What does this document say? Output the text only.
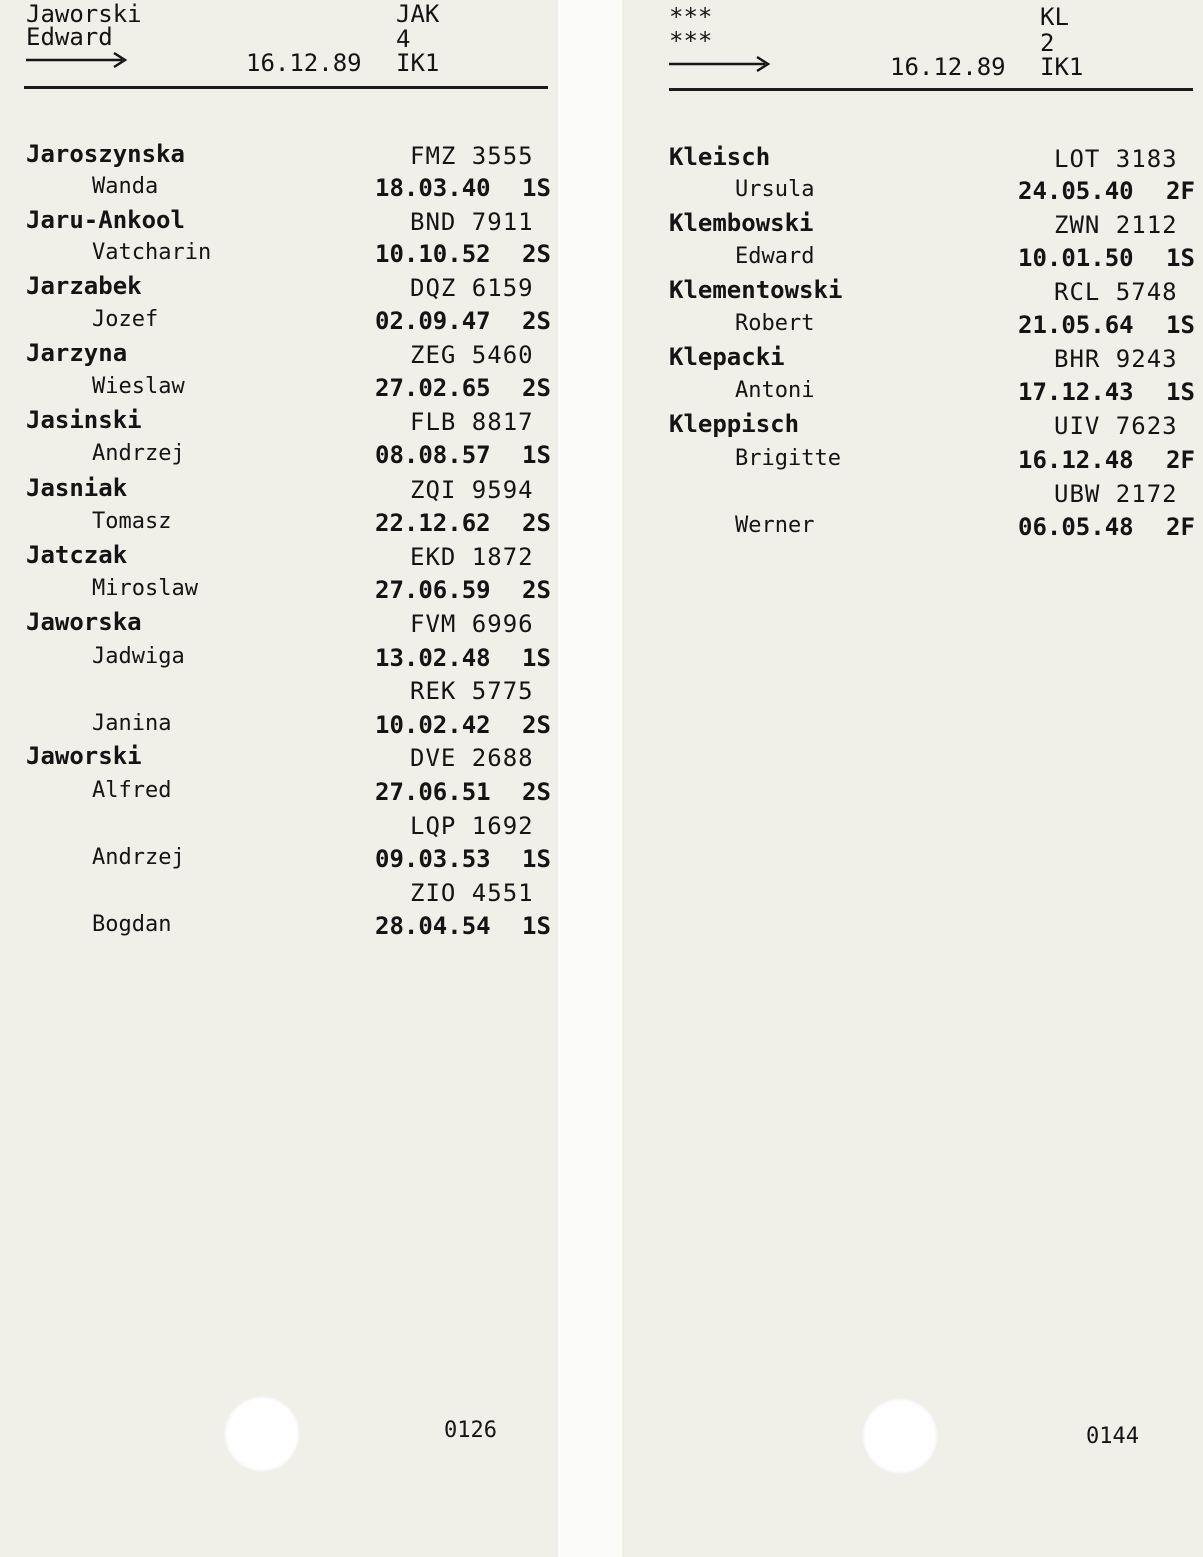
Jaworski
Edward
JAK
4
16.12.89 IK1
Jaroszynska	FMZ 3555
Wanda	18.03.40 1S
Jaru-Ankool	BND 7911
Vatcharin	10.10.52 2S
Jarzabek	DQZ 6159
Jozef	02.09.47 2S
Jarzyna	ZEG 5460
Wieslaw	27.02.65 2S
Jasinski	FLB 8817
Andrzej	08.08.57 1S
Jasniak	ZQI 9594
Tomasz	22.12.62 2S
Jatczak	EKD 1872
Miroslaw	27.06.59 2S
Jaworska	FVM 6996
Jadwiga	13.02.48 1S
REK 5775
Janina	10.02.42 2S
Jaworski	DVE 2688
Alfred	27.06.51 2S
LQP 1692
Andrzej	09.03.53 1S
ZIO 4551
Bogdan	28.04.54 1S
0126
***
***
KL
2
16.12.89 IK1
Kleisch	LOT 3183
Ursula	24.05.40 2F
Klembowski	ZWN 2112
Edward	10.01.50 1S
Klementowski	RCL 5748
Robert	21.05.64 1S
Klepacki	BHR 9243
Antoni	17.12.43 1S
Kleppisch	UIV 7623
Brigitte	16.12.48 2F
UBW 2172
Werner	06.05.48 2F
0144
